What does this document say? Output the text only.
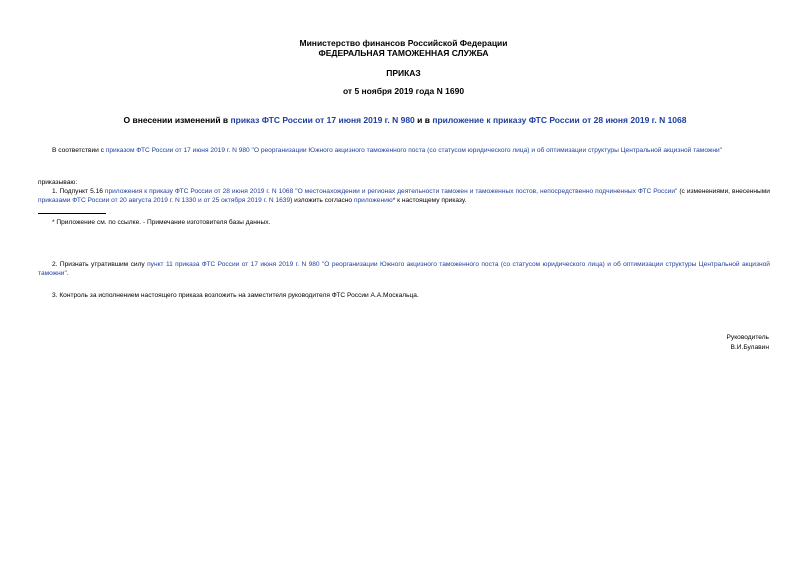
Министерство финансов Российской Федерации
ФЕДЕРАЛЬНАЯ ТАМОЖЕННАЯ СЛУЖБА
ПРИКАЗ
от 5 ноября 2019 года N 1690
О внесении изменений в приказ ФТС России от 17 июня 2019 г. N 980 и в приложение к приказу ФТС России от 28 июня 2019 г. N 1068
В соответствии с приказом ФТС России от 17 июня 2019 г. N 980 "О реорганизации Южного акцизного таможенного поста (со статусом юридического лица) и об оптимизации структуры Центральной акцизной таможни"
приказываю:
1. Подпункт 5.16 приложения к приказу ФТС России от 28 июня 2019 г. N 1068 "О местонахождении и регионах деятельности таможен и таможенных постов, непосредственно подчиненных ФТС России" (с изменениями, внесенными приказами ФТС России от 20 августа 2019 г. N 1330 и от 25 октября 2019 г. N 1639) изложить согласно приложению* к настоящему приказу.
* Приложение см. по ссылке. - Примечание изготовителя базы данных.
2. Признать утратившим силу пункт 11 приказа ФТС России от 17 июня 2019 г. N 980 "О реорганизации Южного акцизного таможенного поста (со статусом юридического лица) и об оптимизации структуры Центральной акцизной таможни".
3. Контроль за исполнением настоящего приказа возложить на заместителя руководителя ФТС России А.А.Москальца.
Руководитель
В.И.Булавин
